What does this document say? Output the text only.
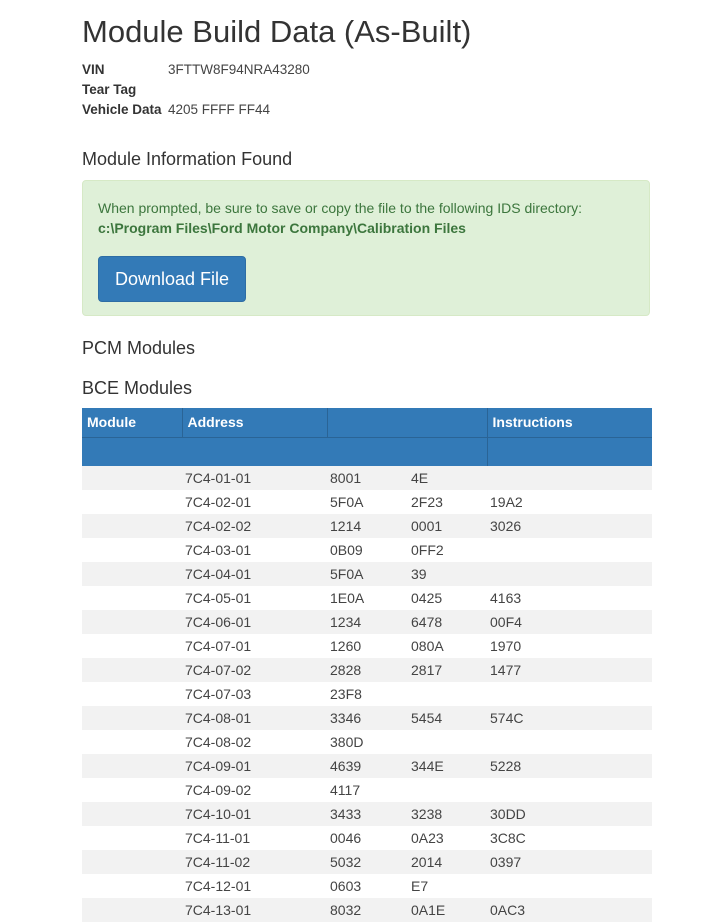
Module Build Data (As-Built)
VIN	3FTTW8F94NRA43280
Tear Tag
Vehicle Data 4205 FFFF FF44
Module Information Found
When prompted, be sure to save or copy the file to the following IDS directory:
c:\Program Files\Ford Motor Company\Calibration Files
Download File
PCM Modules
BCE Modules
Module	Address			Instructions

	7C4-01-01	8001	4E	
	7C4-02-01	5F0A	2F23	19A2
	7C4-02-02	1214	0001	3026
	7C4-03-01	0B09	0FF2	
	7C4-04-01	5F0A	39	
	7C4-05-01	1E0A	0425	4163
	7C4-06-01	1234	6478	00F4
	7C4-07-01	1260	080A	1970
	7C4-07-02	2828	2817	1477
	7C4-07-03	23F8		
	7C4-08-01	3346	5454	574C
	7C4-08-02	380D		
	7C4-09-01	4639	344E	5228
	7C4-09-02	4117		
	7C4-10-01	3433	3238	30DD
	7C4-11-01	0046	0A23	3C8C
	7C4-11-02	5032	2014	0397
	7C4-12-01	0603	E7	
	7C4-13-01	8032	0A1E	0AC3
